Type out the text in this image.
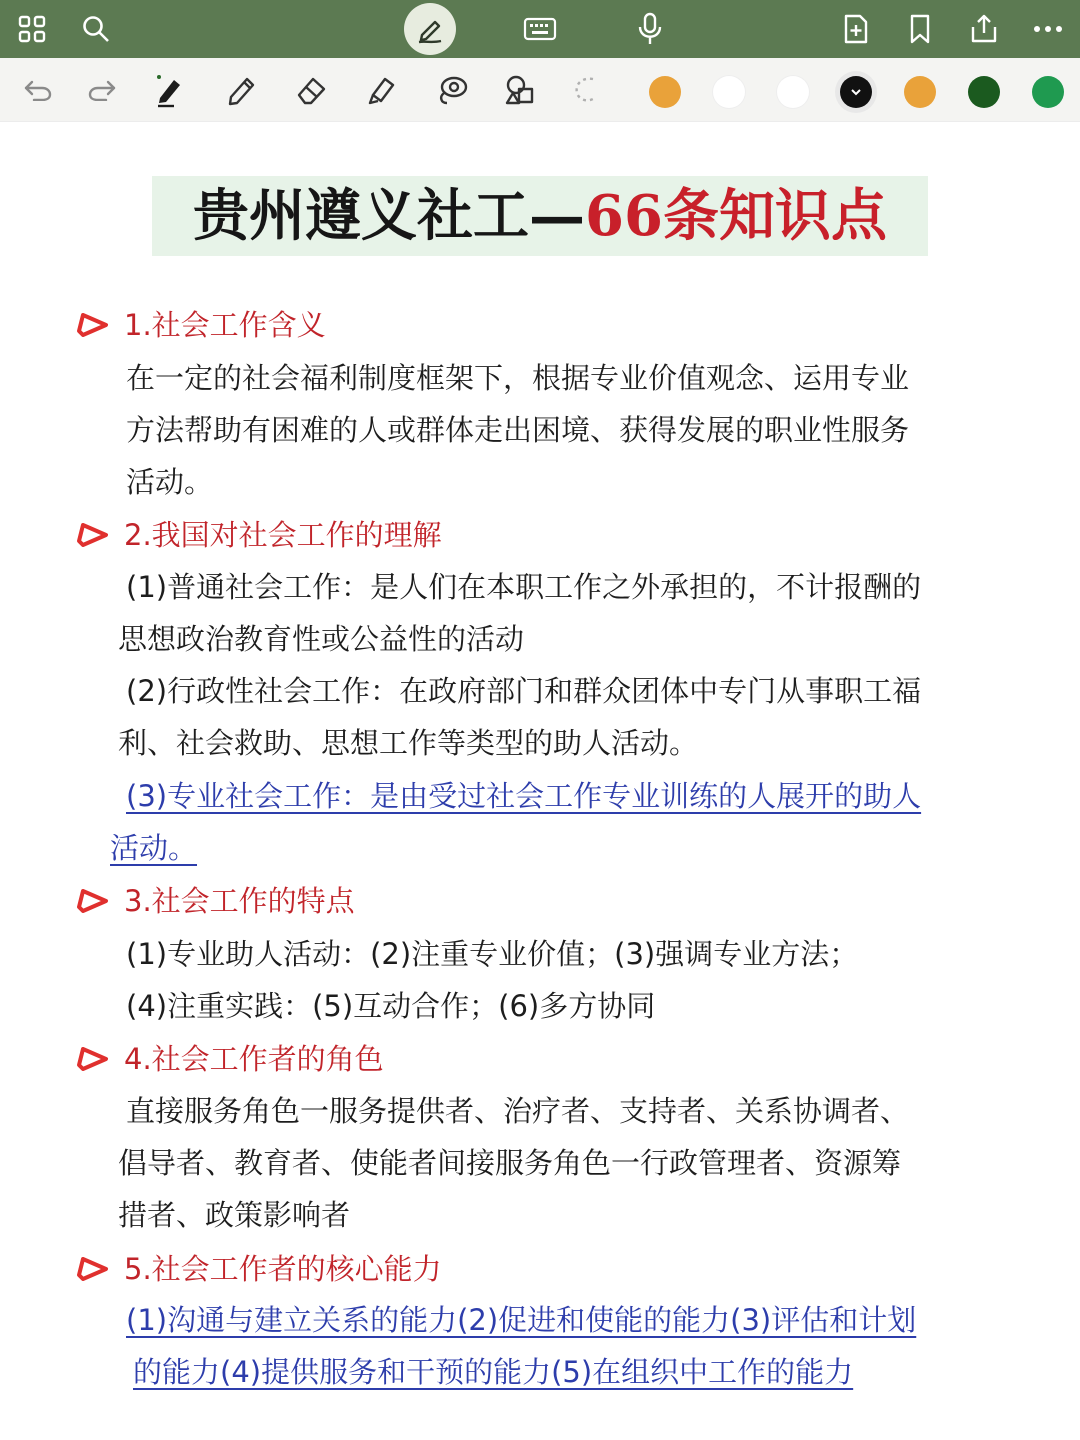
贵州遵义社工—66条知识点
1.社会工作含义
在一定的社会福利制度框架下，根据专业价值观念、运用专业
方法帮助有困难的人或群体走出困境、获得发展的职业性服务
活动。
2.我国对社会工作的理解
(1)普通社会工作：是人们在本职工作之外承担的，不计报酬的
思想政治教育性或公益性的活动
(2)行政性社会工作：在政府部门和群众团体中专门从事职工福
利、社会救助、思想工作等类型的助人活动。
(3)专业社会工作：是由受过社会工作专业训练的人展开的助人
活动。
3.社会工作的特点
(1)专业助人活动：(2)注重专业价值；(3)强调专业方法；
(4)注重实践：(5)互动合作；(6)多方协同
4.社会工作者的角色
直接服务角色一服务提供者、治疗者、支持者、关系协调者、
倡导者、教育者、使能者间接服务角色一行政管理者、资源筹
措者、政策影响者
5.社会工作者的核心能力
(1)沟通与建立关系的能力(2)促进和使能的能力(3)评估和计划
的能力(4)提供服务和干预的能力(5)在组织中工作的能力
